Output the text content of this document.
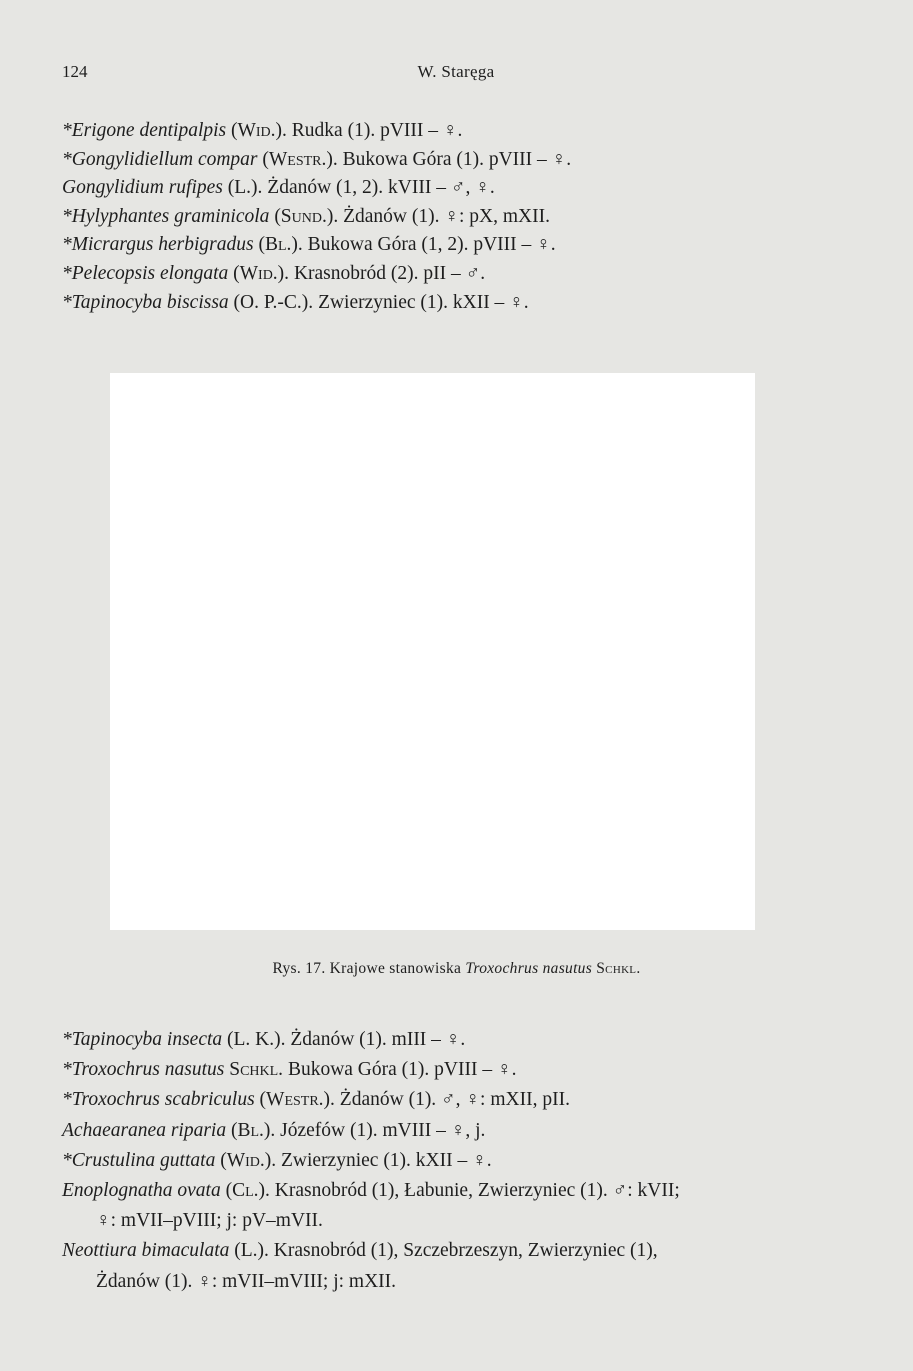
124	W. Staręga
*Erigone dentipalpis (Wid.). Rudka (1). pVIII – ♀.
*Gongylidiellum compar (Westr.). Bukowa Góra (1). pVIII – ♀.
Gongylidium rufipes (L.). Żdanów (1, 2). kVIII – ♂, ♀.
*Hylyphantes graminicola (Sund.). Żdanów (1). ♀: pX, mXII.
*Micrargus herbigradus (Bl.). Bukowa Góra (1, 2). pVIII – ♀.
*Pelecopsis elongata (Wid.). Krasnobród (2). pII – ♂.
*Tapinocyba biscissa (O. P.-C.). Zwierzyniec (1). kXII – ♀.
Rys. 17. Krajowe stanowiska Troxochrus nasutus Schkl.
*Tapinocyba insecta (L. K.). Żdanów (1). mIII – ♀.
*Troxochrus nasutus Schkl. Bukowa Góra (1). pVIII – ♀.
*Troxochrus scabriculus (Westr.). Żdanów (1). ♂, ♀: mXII, pII.
Achaearanea riparia (Bl.). Józefów (1). mVIII – ♀, j.
*Crustulina guttata (Wid.). Zwierzyniec (1). kXII – ♀.
Enoplognatha ovata (Cl.). Krasnobród (1), Łabunie, Zwierzyniec (1). ♂: kVII;
♀: mVII–pVIII; j: pV–mVII.
Neottiura bimaculata (L.). Krasnobród (1), Szczebrzeszyn, Zwierzyniec (1),
Żdanów (1). ♀: mVII–mVIII; j: mXII.
